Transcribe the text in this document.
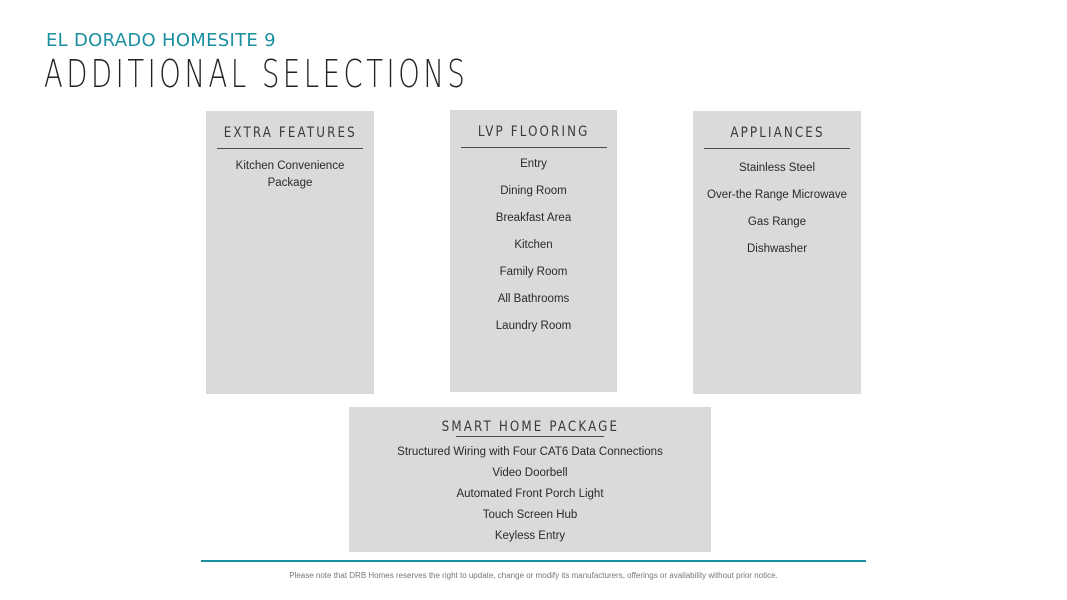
EL DORADO HOMESITE 9
ADDITIONAL SELECTIONS
EXTRA FEATURES
Kitchen Convenience Package
LVP FLOORING
Entry
Dining Room
Breakfast Area
Kitchen
Family Room
All Bathrooms
Laundry Room
APPLIANCES
Stainless Steel
Over-the Range Microwave
Gas Range
Dishwasher
SMART HOME PACKAGE
Structured Wiring with Four CAT6 Data Connections
Video Doorbell
Automated Front Porch Light
Touch Screen Hub
Keyless Entry
Please note that DRB Homes reserves the right to update, change or modify its manufacturers, offerings or availability without prior notice.
